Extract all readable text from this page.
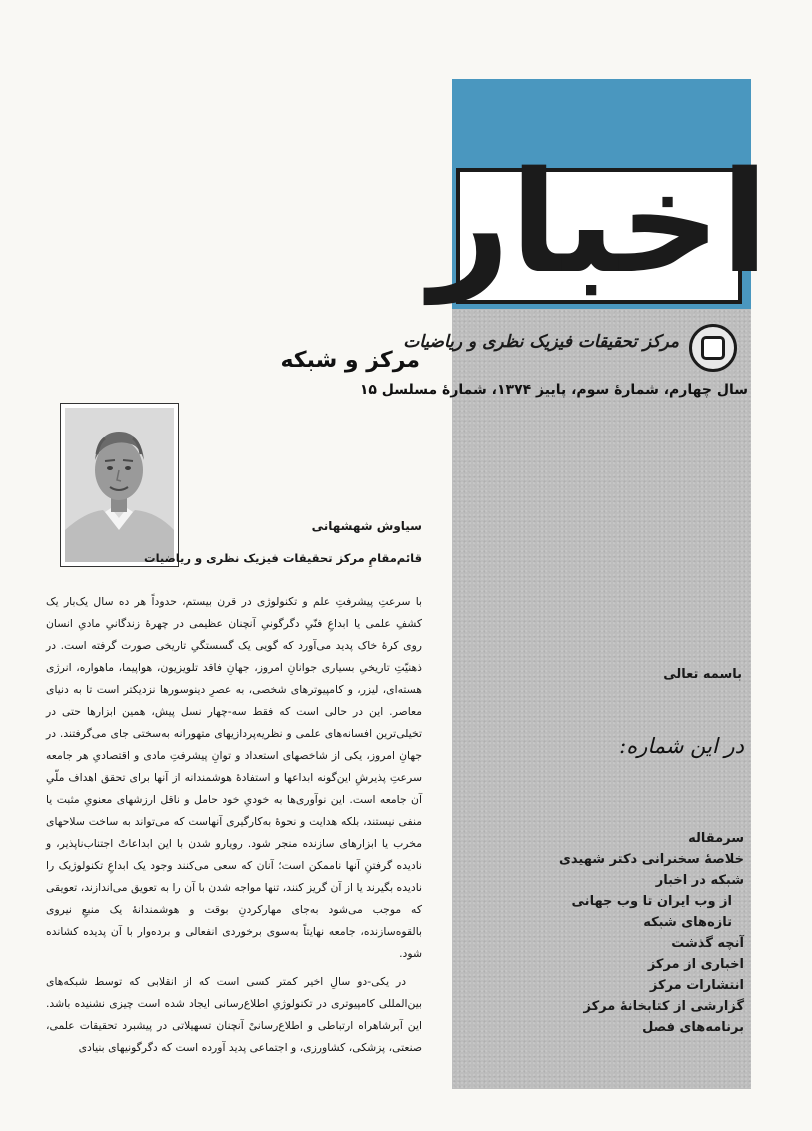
اخبار
مرکز تحقیقات فیزیک نظری و ریاضیات
سال چهارم، شمارهٔ سوم، پاییز ۱۳۷۴، شمارهٔ مسلسل ۱۵
باسمه تعالی
در این شماره:
سرمقاله
خلاصهٔ سخنرانی دکتر شهیدی
شبکه در اخبار
از وب ایران تا وب جهانی
تازه‌های شبکه
آنچه گذشت
اخباری از مرکز
انتشارات مرکز
گزارشی از کتابخانهٔ مرکز
برنامه‌های فصل
مرکز و شبکه
سیاوش شهشهانی
قائم‌مقامِ مرکز تحقیقات فیزیک نظری و ریاضیات

با سرعتِ پیشرفتِ علم و تکنولوژی در قرن بیستم، حدوداً هر ده سال یک‌بار یک کشفِ علمی یا ابداعِ فنّیِ دگرگونیِ آنچنان عظیمی در چهرهٔ زندگانیِ مادیِ انسان روی کرهٔ خاک پدید می‌آورد که گویی یک گسستگیِ تاریخی صورت گرفته است. در ذهنیّتِ تاریخیِ بسیاری جوانانِ امروز، جهانِ فاقد تلویزیون، هواپیما، ماهواره، انرژی هسته‌ای، لیزر، و کامپیوترهای شخصی، به عصرِ دینوسورها نزدیکتر است تا به دنیای معاصر. این در حالی است که فقط سه-چهار نسل پیش، همین ابزارها حتی در تخیلی‌ترین افسانه‌های علمی و نظریه‌پردازیهای متهورانه به‌سختی جای می‌گرفتند. در جهانِ امروز، یکی از شاخصهای استعداد و توانِ پیشرفتِ مادی و اقتصادیِ هر جامعه سرعتِ پذیرشِ این‌گونه ابداعها و استفادهٔ هوشمندانه از آنها برای تحقق اهداف ملّیِ آن جامعه است. این نوآوری‌ها به خودیِ خود حامل و ناقل ارزشهای معنویِ مثبت یا منفی نیستند، بلکه هدایت و نحوهٔ به‌کارگیری آنهاست که می‌تواند به ساخت سلاحهای مخرب یا ابزارهای سازنده منجر شود. رویارو شدن با این ابداعاتْ اجتناب‌ناپذیر، و نادیده گرفتنِ آنها ناممکن است؛ آنان که سعی می‌کنند وجود یک ابداعِ تکنولوژیک را نادیده بگیرند یا از آن گریز کنند، تنها مواجه شدن با آن را به تعویق می‌اندازند، تعویقی که موجب می‌شود به‌جای مهارکردنِ بوقت و هوشمندانهٔ یک منبعِ نیروی بالقوه‌سازنده، جامعه نهایتاً به‌سوی برخوردی انفعالی و برده‌وار با آن پدیده کشانده شود.

در یکی-دو سالِ اخیر کمتر کسی است که از انقلابی که توسط شبکه‌های بین‌المللی کامپیوتری در تکنولوژیِ اطلاع‌رسانی ایجاد شده است چیزی نشنیده باشد. این آبرشاهراه ارتباطی و اطلاع‌رسانیْ آنچنان تسهیلاتی در پیشبرد تحقیقات علمی، صنعتی، پزشکی، کشاورزی، و اجتماعی پدید آورده است که دگرگونیهای بنیادی
